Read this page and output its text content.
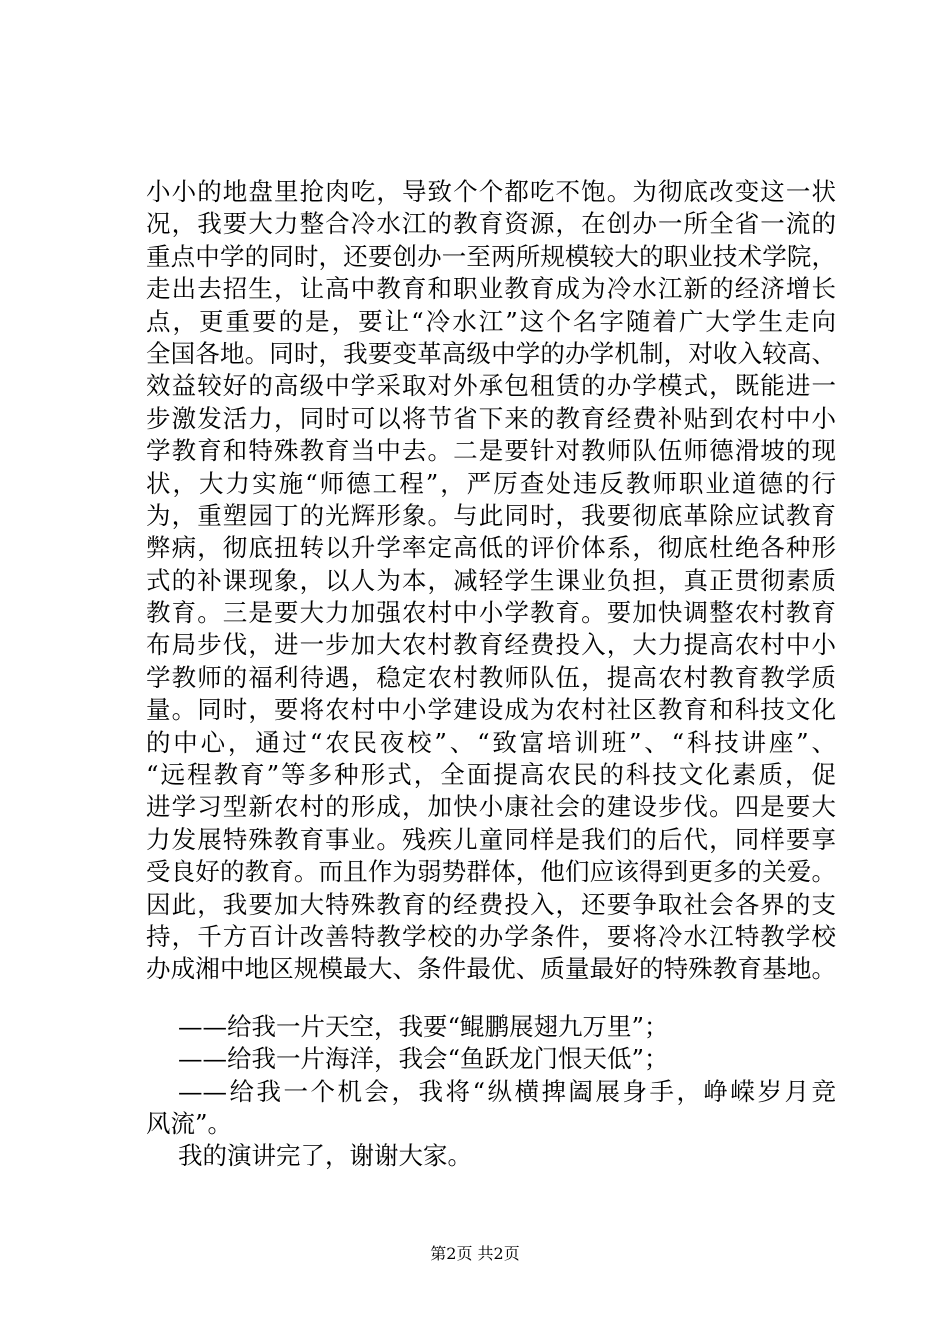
小小的地盘里抢肉吃，导致个个都吃不饱。为彻底改变这一状
况，我要大力整合冷水江的教育资源，在创办一所全省一流的
重点中学的同时，还要创办一至两所规模较大的职业技术学院，
走出去招生，让高中教育和职业教育成为冷水江新的经济增长
点，更重要的是，要让“冷水江”这个名字随着广大学生走向
全国各地。同时，我要变革高级中学的办学机制，对收入较高、
效益较好的高级中学采取对外承包租赁的办学模式，既能进一
步激发活力，同时可以将节省下来的教育经费补贴到农村中小
学教育和特殊教育当中去。二是要针对教师队伍师德滑坡的现
状，大力实施“师德工程”，严厉查处违反教师职业道德的行
为，重塑园丁的光辉形象。与此同时，我要彻底革除应试教育
弊病，彻底扭转以升学率定高低的评价体系，彻底杜绝各种形
式的补课现象，以人为本，减轻学生课业负担，真正贯彻素质
教育。三是要大力加强农村中小学教育。要加快调整农村教育
布局步伐，进一步加大农村教育经费投入，大力提高农村中小
学教师的福利待遇，稳定农村教师队伍，提高农村教育教学质
量。同时，要将农村中小学建设成为农村社区教育和科技文化
的中心，通过“农民夜校”、“致富培训班”、“科技讲座”、
“远程教育”等多种形式，全面提高农民的科技文化素质，促
进学习型新农村的形成，加快小康社会的建设步伐。四是要大
力发展特殊教育事业。残疾儿童同样是我们的后代，同样要享
受良好的教育。而且作为弱势群体，他们应该得到更多的关爱。
因此，我要加大特殊教育的经费投入，还要争取社会各界的支
持，千方百计改善特教学校的办学条件，要将冷水江特教学校
办成湘中地区规模最大、条件最优、质量最好的特殊教育基地。
——给我一片天空，我要“鲲鹏展翅九万里”；
——给我一片海洋，我会“鱼跃龙门恨天低”；
——给我一个机会，我将“纵横捭阖展身手，峥嵘岁月竞
风流”。
我的演讲完了，谢谢大家。
第2页 共2页
